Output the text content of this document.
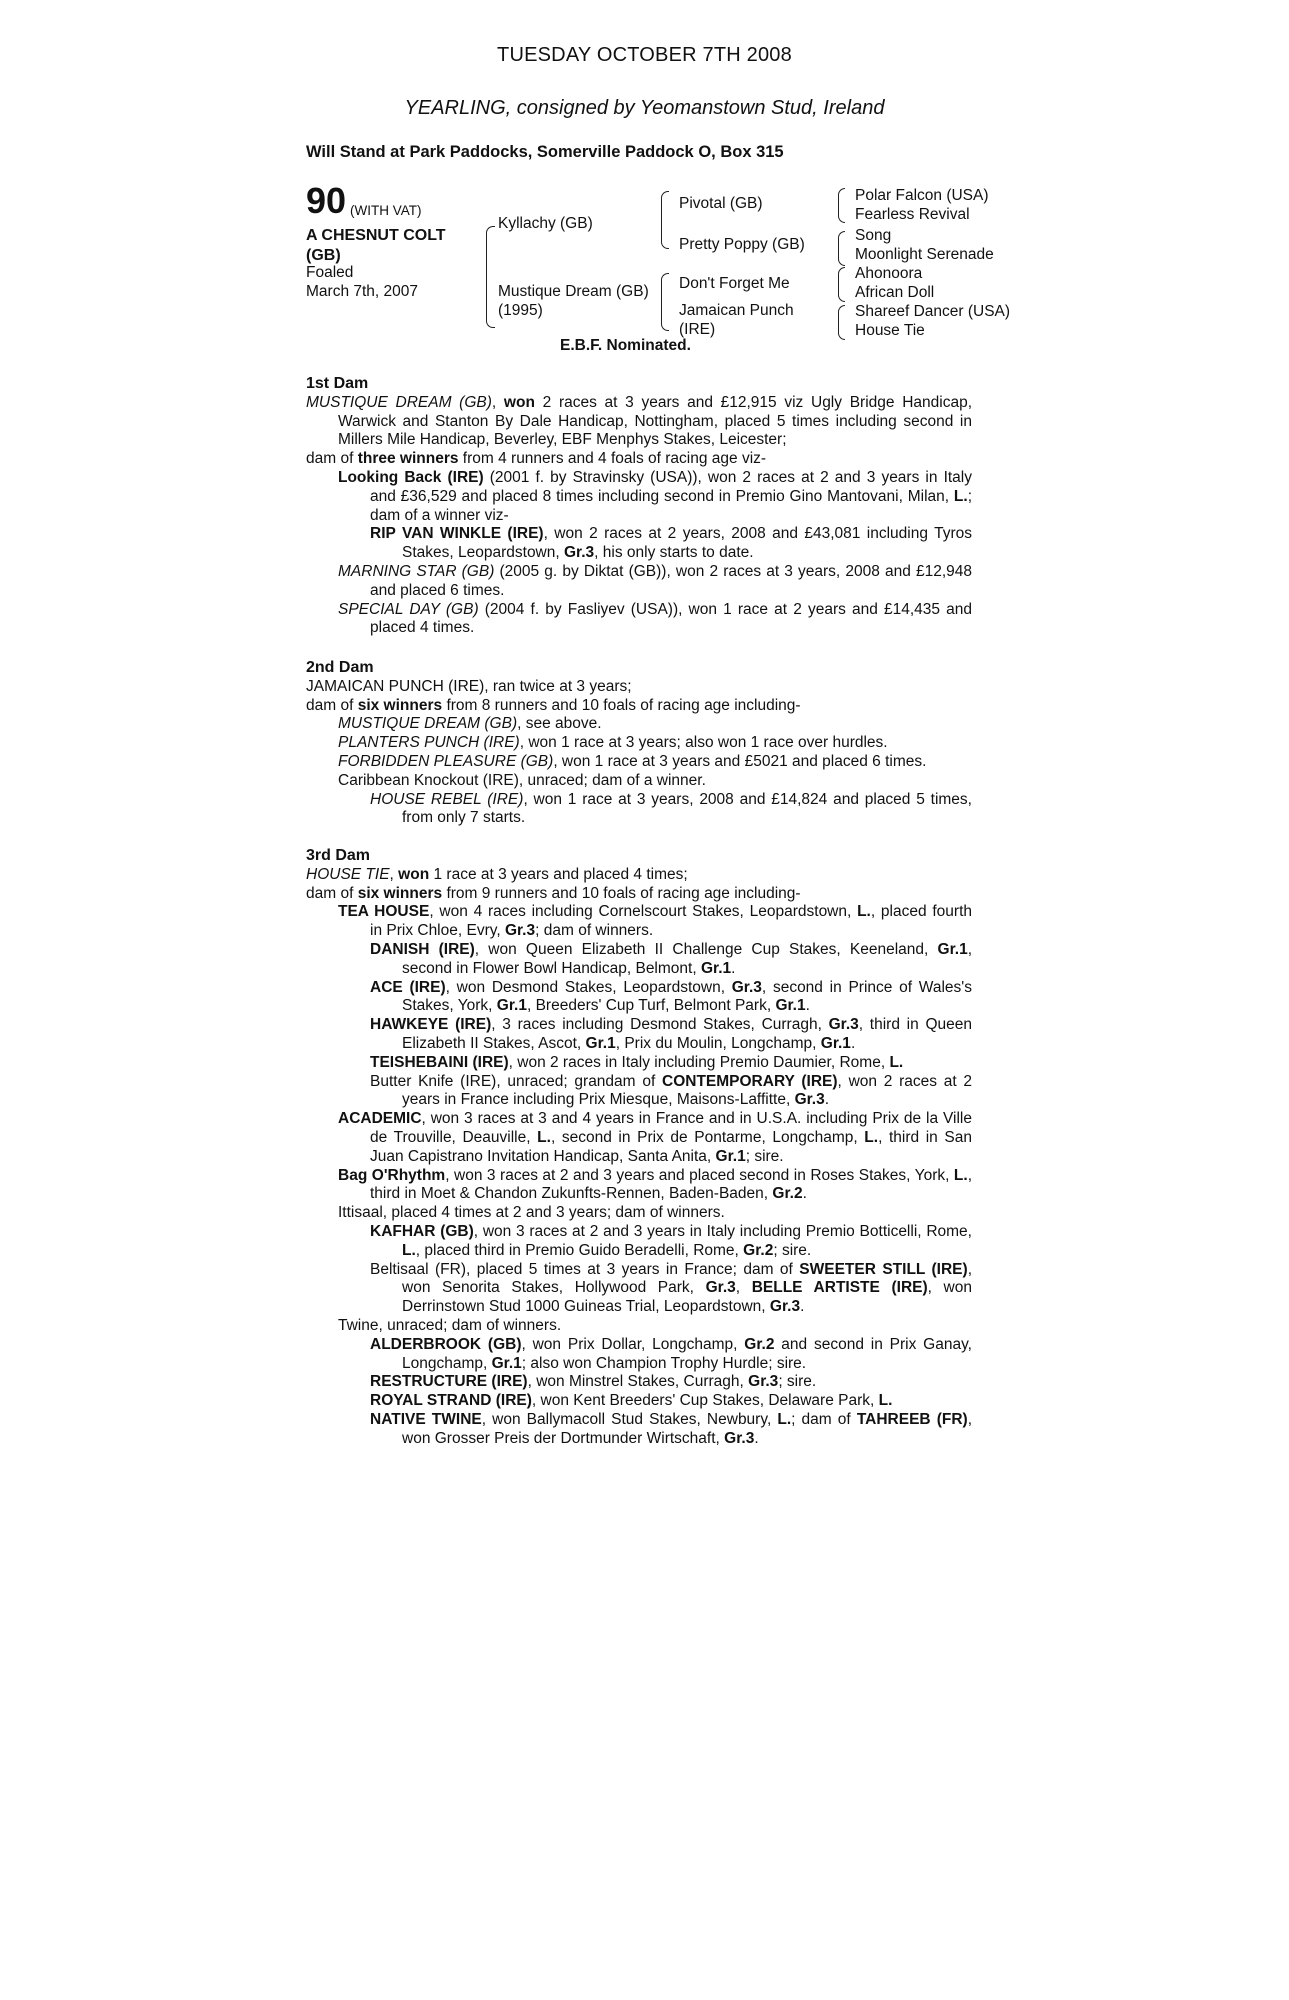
TUESDAY OCTOBER 7TH 2008
YEARLING, consigned by Yeomanstown Stud, Ireland
Will Stand at Park Paddocks, Somerville Paddock O, Box 315
90 (WITH VAT)
A CHESNUT COLT (GB)
Foaled
March 7th, 2007
Kyllachy (GB)
Mustique Dream (GB)
(1995)
Pivotal (GB)
Pretty Poppy (GB)
Don't Forget Me
Jamaican Punch
(IRE)
Polar Falcon (USA)
Fearless Revival
Song
Moonlight Serenade
Ahonoora
African Doll
Shareef Dancer (USA)
House Tie
E.B.F. Nominated.

1st Dam

MUSTIQUE DREAM (GB), won 2 races at 3 years and £12,915 viz Ugly Bridge Handicap, Warwick and Stanton By Dale Handicap, Nottingham, placed 5 times including second in Millers Mile Handicap, Beverley, EBF Menphys Stakes, Leicester;

dam of three winners from 4 runners and 4 foals of racing age viz-

Looking Back (IRE) (2001 f. by Stravinsky (USA)), won 2 races at 2 and 3 years in Italy and £36,529 and placed 8 times including second in Premio Gino Mantovani, Milan, L.; dam of a winner viz-

RIP VAN WINKLE (IRE), won 2 races at 2 years, 2008 and £43,081 including Tyros Stakes, Leopardstown, Gr.3, his only starts to date.

MARNING STAR (GB) (2005 g. by Diktat (GB)), won 2 races at 3 years, 2008 and £12,948 and placed 6 times.

SPECIAL DAY (GB) (2004 f. by Fasliyev (USA)), won 1 race at 2 years and £14,435 and placed 4 times.

2nd Dam

JAMAICAN PUNCH (IRE), ran twice at 3 years;

dam of six winners from 8 runners and 10 foals of racing age including-

MUSTIQUE DREAM (GB), see above.

PLANTERS PUNCH (IRE), won 1 race at 3 years; also won 1 race over hurdles.

FORBIDDEN PLEASURE (GB), won 1 race at 3 years and £5021 and placed 6 times.

Caribbean Knockout (IRE), unraced; dam of a winner.

HOUSE REBEL (IRE), won 1 race at 3 years, 2008 and £14,824 and placed 5 times, from only 7 starts.

3rd Dam

HOUSE TIE, won 1 race at 3 years and placed 4 times;

dam of six winners from 9 runners and 10 foals of racing age including-

TEA HOUSE, won 4 races including Cornelscourt Stakes, Leopardstown, L., placed fourth in Prix Chloe, Evry, Gr.3; dam of winners.

DANISH (IRE), won Queen Elizabeth II Challenge Cup Stakes, Keeneland, Gr.1, second in Flower Bowl Handicap, Belmont, Gr.1.

ACE (IRE), won Desmond Stakes, Leopardstown, Gr.3, second in Prince of Wales's Stakes, York, Gr.1, Breeders' Cup Turf, Belmont Park, Gr.1.

HAWKEYE (IRE), 3 races including Desmond Stakes, Curragh, Gr.3, third in Queen Elizabeth II Stakes, Ascot, Gr.1, Prix du Moulin, Longchamp, Gr.1.

TEISHEBAINI (IRE), won 2 races in Italy including Premio Daumier, Rome, L.

Butter Knife (IRE), unraced; grandam of CONTEMPORARY (IRE), won 2 races at 2 years in France including Prix Miesque, Maisons-Laffitte, Gr.3.

ACADEMIC, won 3 races at 3 and 4 years in France and in U.S.A. including Prix de la Ville de Trouville, Deauville, L., second in Prix de Pontarme, Longchamp, L., third in San Juan Capistrano Invitation Handicap, Santa Anita, Gr.1; sire.

Bag O'Rhythm, won 3 races at 2 and 3 years and placed second in Roses Stakes, York, L., third in Moet & Chandon Zukunfts-Rennen, Baden-Baden, Gr.2.

Ittisaal, placed 4 times at 2 and 3 years; dam of winners.

KAFHAR (GB), won 3 races at 2 and 3 years in Italy including Premio Botticelli, Rome, L., placed third in Premio Guido Beradelli, Rome, Gr.2; sire.

Beltisaal (FR), placed 5 times at 3 years in France; dam of SWEETER STILL (IRE), won Senorita Stakes, Hollywood Park, Gr.3, BELLE ARTISTE (IRE), won Derrinstown Stud 1000 Guineas Trial, Leopardstown, Gr.3.

Twine, unraced; dam of winners.

ALDERBROOK (GB), won Prix Dollar, Longchamp, Gr.2 and second in Prix Ganay, Longchamp, Gr.1; also won Champion Trophy Hurdle; sire.

RESTRUCTURE (IRE), won Minstrel Stakes, Curragh, Gr.3; sire.

ROYAL STRAND (IRE), won Kent Breeders' Cup Stakes, Delaware Park, L.

NATIVE TWINE, won Ballymacoll Stud Stakes, Newbury, L.; dam of TAHREEB (FR), won Grosser Preis der Dortmunder Wirtschaft, Gr.3.
